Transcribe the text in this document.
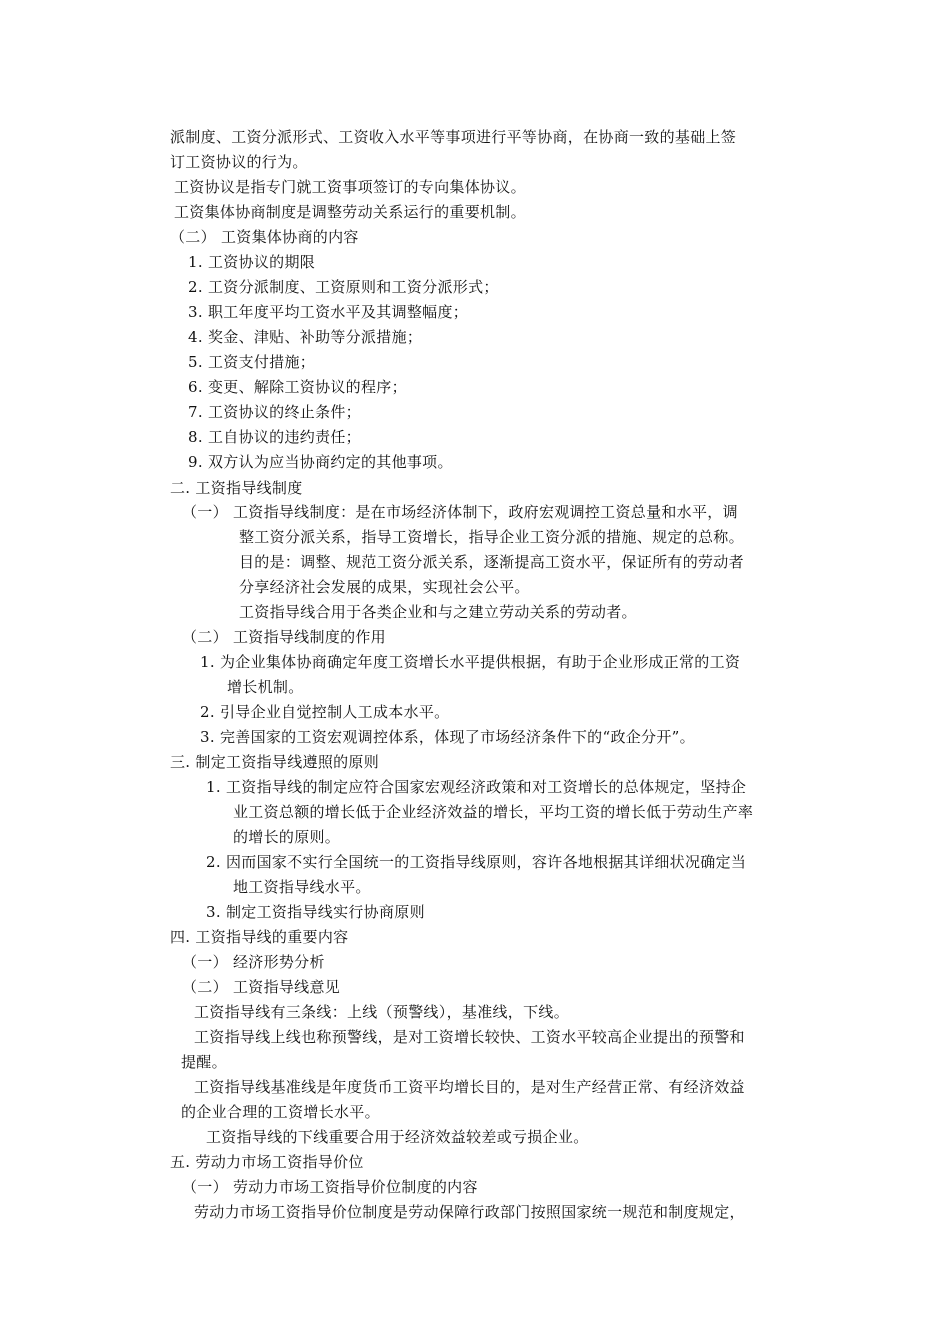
派制度、工资分派形式、工资收入水平等事项进行平等协商，在协商一致的基础上签
订工资协议的行为。
工资协议是指专门就工资事项签订的专向集体协议。
工资集体协商制度是调整劳动关系运行的重要机制。
（二） 工资集体协商的内容
1. 工资协议的期限
2. 工资分派制度、工资原则和工资分派形式；
3. 职工年度平均工资水平及其调整幅度；
4. 奖金、津贴、补助等分派措施；
5. 工资支付措施；
6. 变更、解除工资协议的程序；
7. 工资协议的终止条件；
8. 工自协议的违约责任；
9. 双方认为应当协商约定的其他事项。
二. 工资指导线制度
（一） 工资指导线制度：是在市场经济体制下，政府宏观调控工资总量和水平，调
整工资分派关系，指导工资增长，指导企业工资分派的措施、规定的总称。
目的是：调整、规范工资分派关系，逐渐提高工资水平，保证所有的劳动者
分享经济社会发展的成果，实现社会公平。
工资指导线合用于各类企业和与之建立劳动关系的劳动者。
（二） 工资指导线制度的作用
1. 为企业集体协商确定年度工资增长水平提供根据，有助于企业形成正常的工资
增长机制。
2. 引导企业自觉控制人工成本水平。
3. 完善国家的工资宏观调控体系，体现了市场经济条件下的“政企分开”。
三. 制定工资指导线遵照的原则
1. 工资指导线的制定应符合国家宏观经济政策和对工资增长的总体规定，坚持企
业工资总额的增长低于企业经济效益的增长，平均工资的增长低于劳动生产率
的增长的原则。
2. 因而国家不实行全国统一的工资指导线原则，容许各地根据其详细状况确定当
地工资指导线水平。
3. 制定工资指导线实行协商原则
四. 工资指导线的重要内容
（一） 经济形势分析
（二） 工资指导线意见
工资指导线有三条线：上线（预警线），基准线，下线。
工资指导线上线也称预警线，是对工资增长较快、工资水平较高企业提出的预警和
提醒。
工资指导线基准线是年度货币工资平均增长目的，是对生产经营正常、有经济效益
的企业合理的工资增长水平。
工资指导线的下线重要合用于经济效益较差或亏损企业。
五. 劳动力市场工资指导价位
（一） 劳动力市场工资指导价位制度的内容
劳动力市场工资指导价位制度是劳动保障行政部门按照国家统一规范和制度规定，
